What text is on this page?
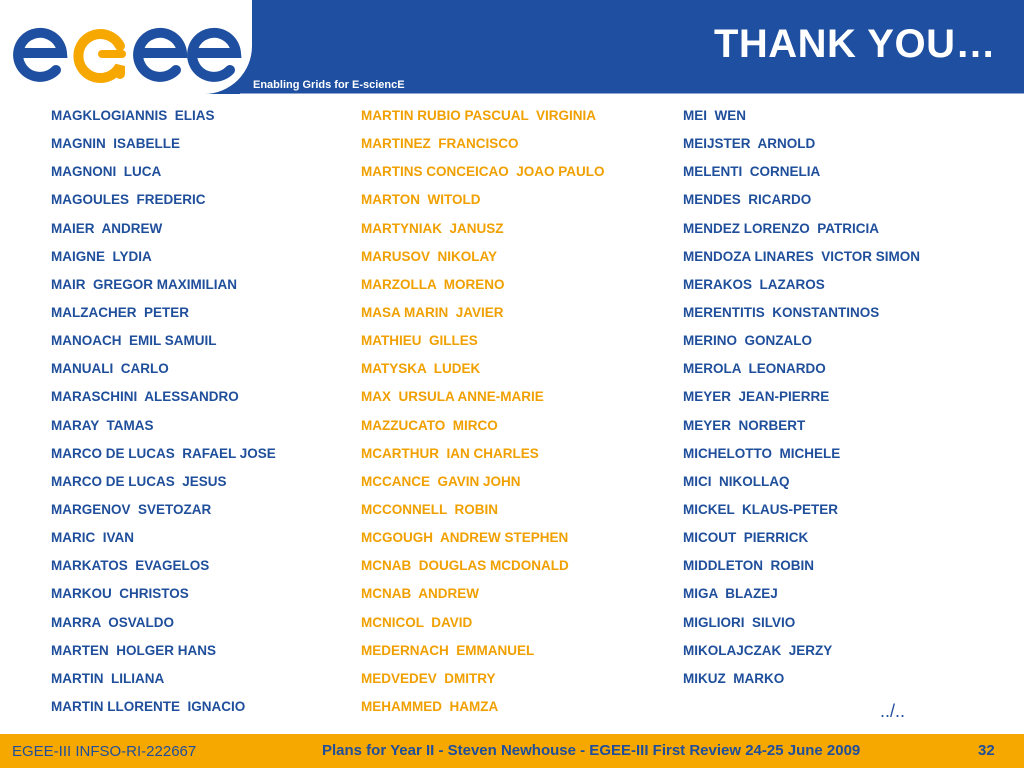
THANK YOU…
Enabling Grids for E-sciencE
MAGKLOGIANNIS  ELIAS
MAGNIN  ISABELLE
MAGNONI  LUCA
MAGOULES  FREDERIC
MAIER  ANDREW
MAIGNE  LYDIA
MAIR  GREGOR MAXIMILIAN
MALZACHER  PETER
MANOACH  EMIL SAMUIL
MANUALI  CARLO
MARASCHINI  ALESSANDRO
MARAY  TAMAS
MARCO DE LUCAS  RAFAEL JOSE
MARCO DE LUCAS  JESUS
MARGENOV  SVETOZAR
MARIC  IVAN
MARKATOS  EVAGELOS
MARKOU  CHRISTOS
MARRA  OSVALDO
MARTEN  HOLGER HANS
MARTIN  LILIANA
MARTIN LLORENTE  IGNACIO
MARTIN RUBIO PASCUAL  VIRGINIA
MARTINEZ  FRANCISCO
MARTINS CONCEICAO  JOAO PAULO
MARTON  WITOLD
MARTYNIAK  JANUSZ
MARUSOV  NIKOLAY
MARZOLLA  MORENO
MASA MARIN  JAVIER
MATHIEU  GILLES
MATYSKA  LUDEK
MAX  URSULA ANNE-MARIE
MAZZUCATO  MIRCO
MCARTHUR  IAN CHARLES
MCCANCE  GAVIN JOHN
MCCONNELL  ROBIN
MCGOUGH  ANDREW STEPHEN
MCNAB  DOUGLAS MCDONALD
MCNAB  ANDREW
MCNICOL  DAVID
MEDERNACH  EMMANUEL
MEDVEDEV  DMITRY
MEHAMMED  HAMZA
MEI  WEN
MEIJSTER  ARNOLD
MELENTI  CORNELIA
MENDES  RICARDO
MENDEZ LORENZO  PATRICIA
MENDOZA LINARES  VICTOR SIMON
MERAKOS  LAZAROS
MERENTITIS  KONSTANTINOS
MERINO  GONZALO
MEROLA  LEONARDO
MEYER  JEAN-PIERRE
MEYER  NORBERT
MICHELOTTO  MICHELE
MICI  NIKOLLAQ
MICKEL  KLAUS-PETER
MICOUT  PIERRICK
MIDDLETON  ROBIN
MIGA  BLAZEJ
MIGLIORI  SILVIO
MIKOLAJCZAK  JERZY
MIKUZ  MARKO
../..
EGEE-III INFSO-RI-222667	Plans for Year II - Steven Newhouse - EGEE-III First Review 24-25 June 2009	32
